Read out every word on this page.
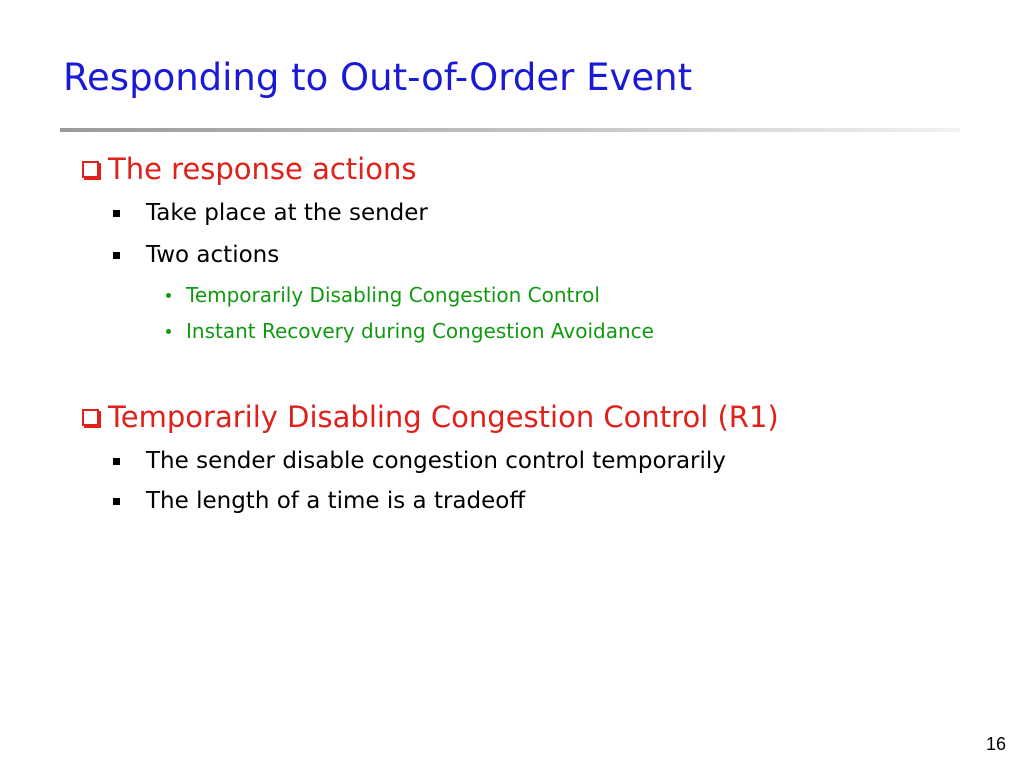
Responding to Out-of-Order Event
The response actions
Take place at the sender
Two actions
Temporarily Disabling Congestion Control
Instant Recovery during Congestion Avoidance
Temporarily Disabling Congestion Control (R1)
The sender disable congestion control temporarily
The length of a time is a tradeoff
16
